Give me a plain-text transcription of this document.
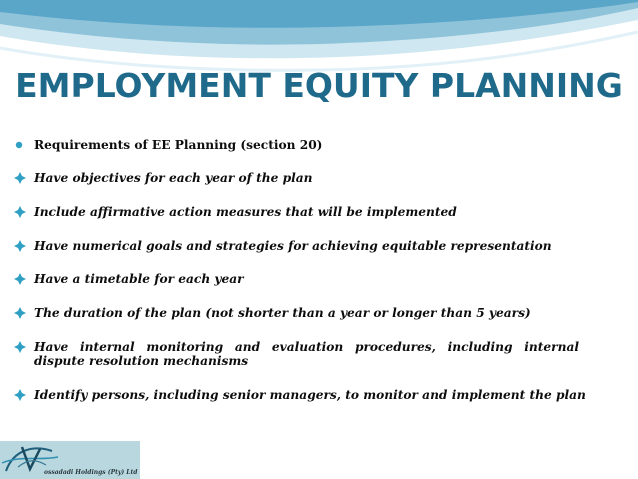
EMPLOYMENT EQUITY PLANNING
Requirements of EE Planning (section 20)
Have objectives for each year of the plan
Include affirmative action measures that will be implemented
Have numerical goals and strategies for achieving equitable representation
Have a timetable for each year
The duration of the plan (not shorter than a year or longer than 5 years)
Have internal monitoring and evaluation procedures, including internal dispute resolution mechanisms
Identify persons, including senior managers, to monitor and implement the plan
ossadadi Holdings (Pty) Ltd
